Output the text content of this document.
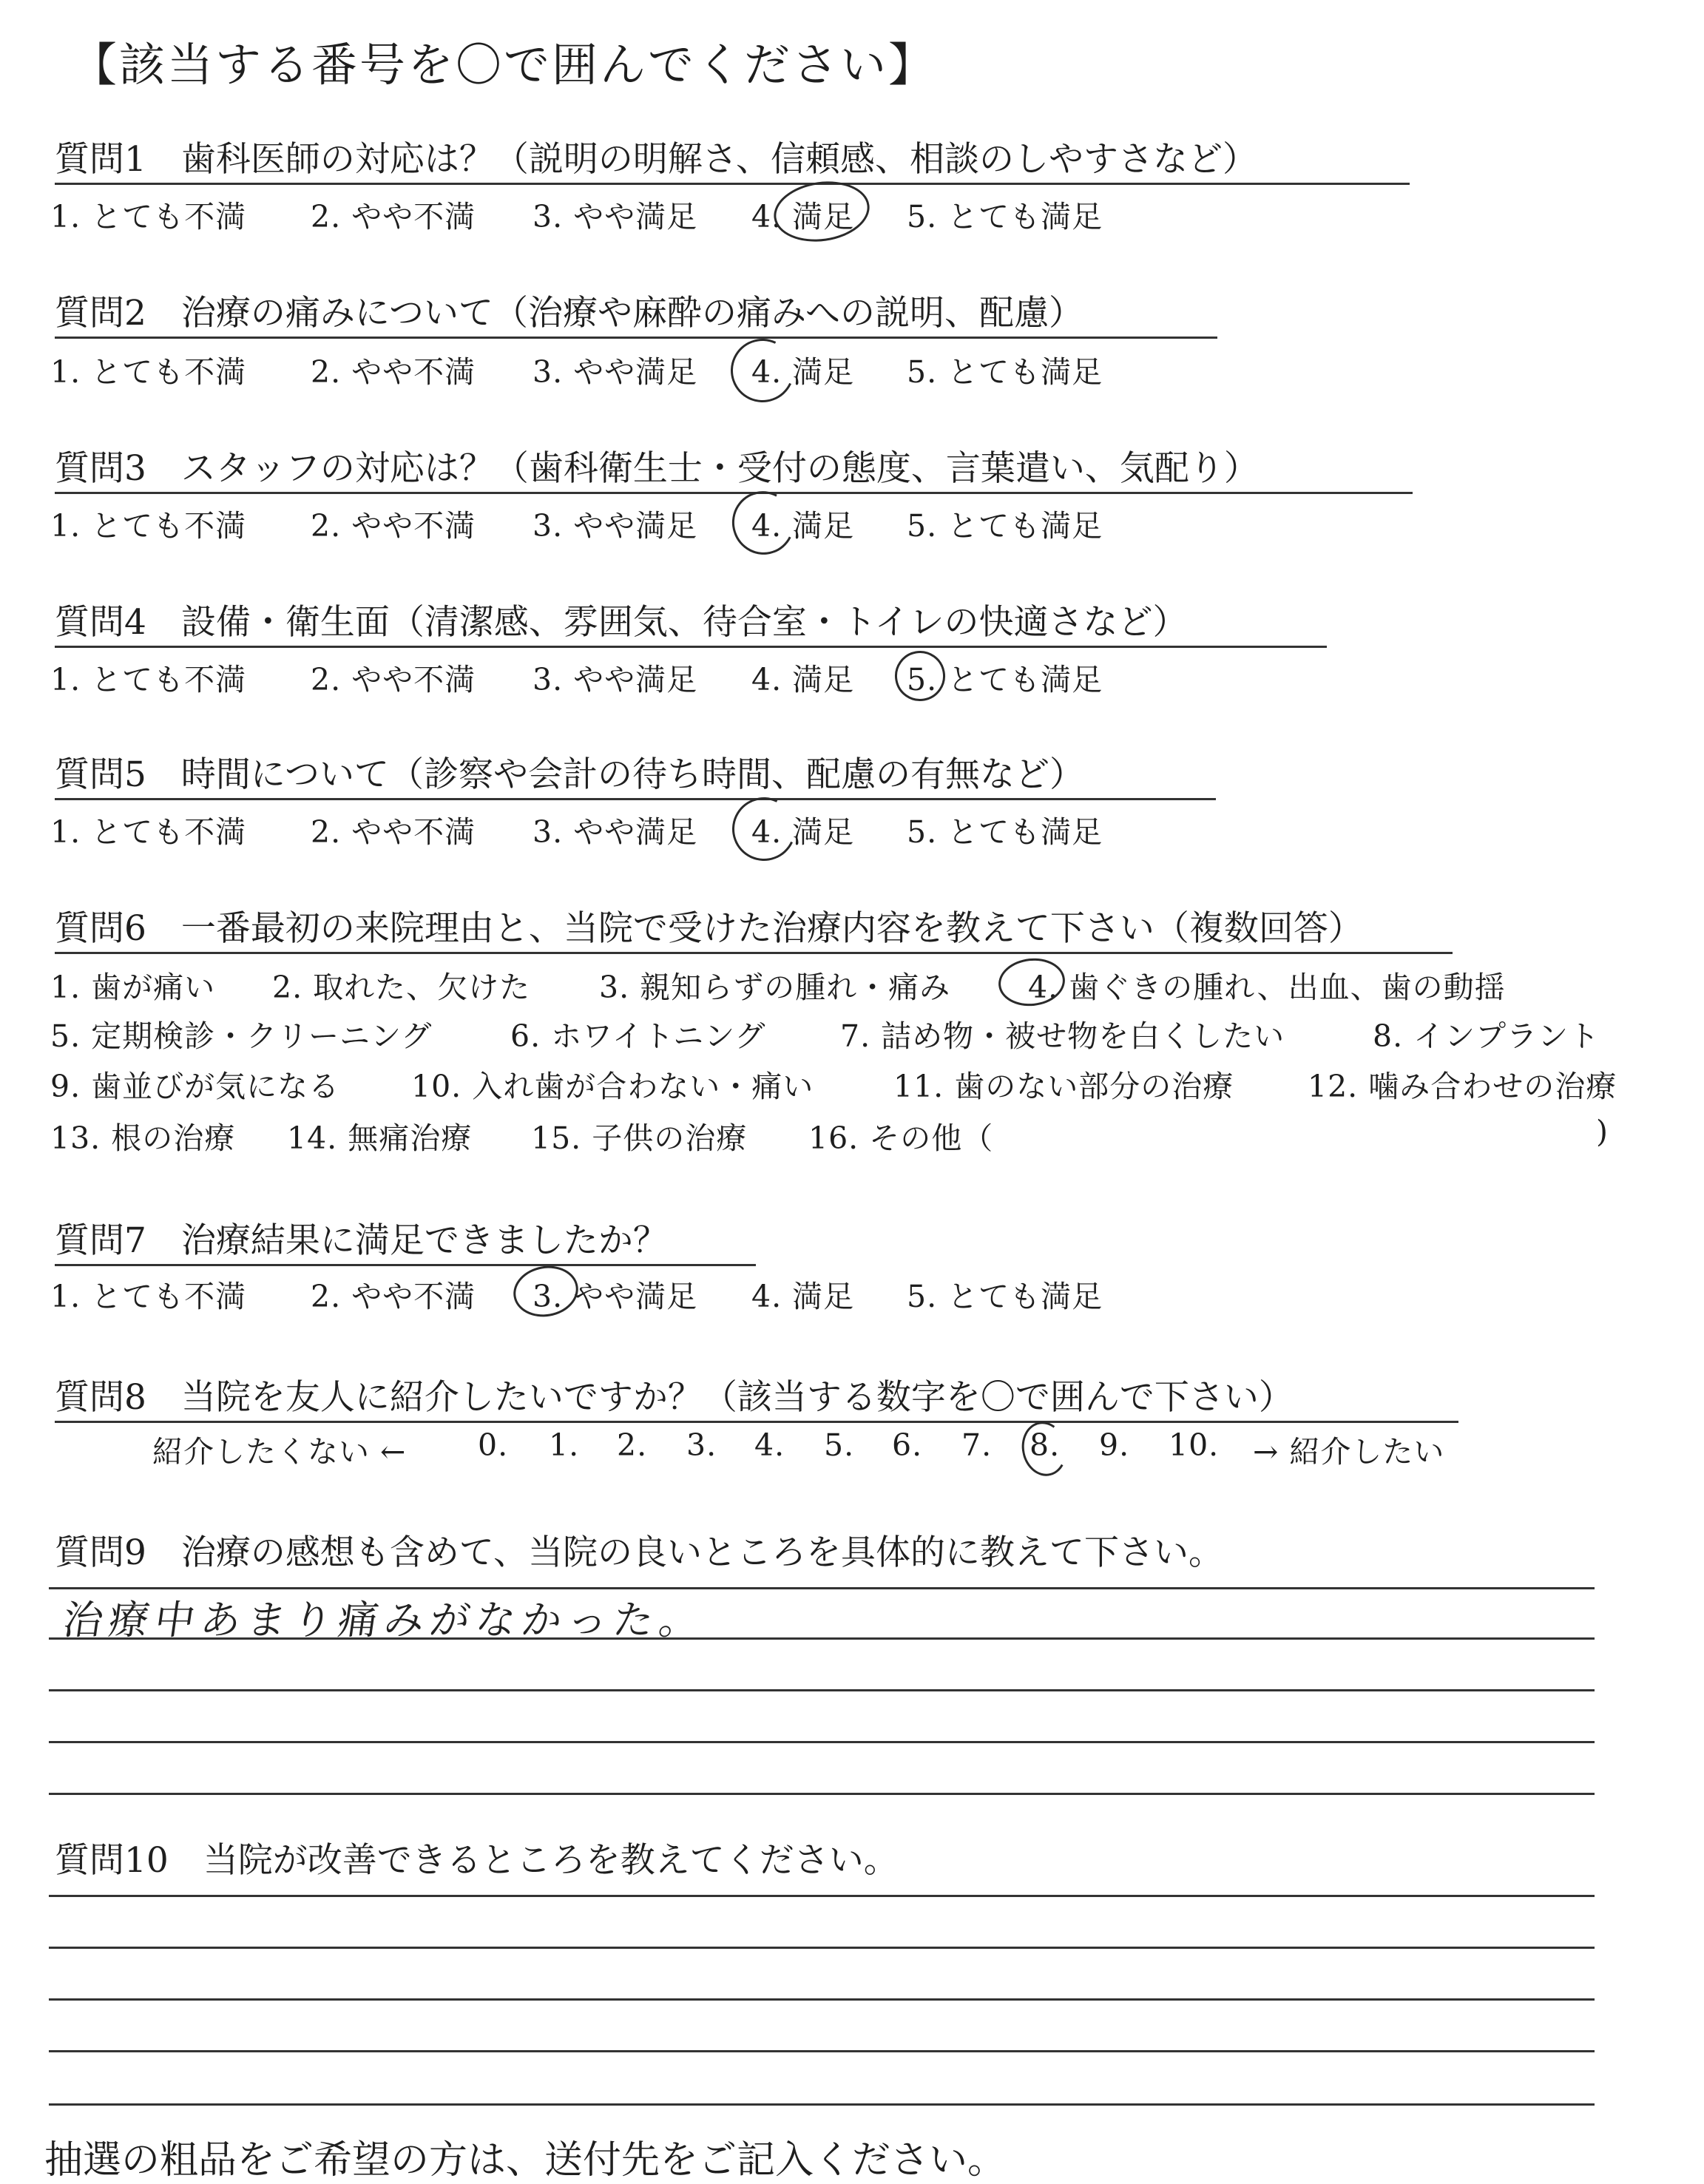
【該当する番号を〇で囲んでください】
質問1　 歯科医師の対応は？（説明の明解さ、信頼感、相談のしやすさなど）
1. とても不満 2. やや不満 3. やや満足 4. 満足 5. とても満足
質問2　 治療の痛みについて（治療や麻酔の痛みへの説明、配慮）
1. とても不満 2. やや不満 3. やや満足 4. 満足 5. とても満足
質問3　 スタッフの対応は？（歯科衛生士・受付の態度、言葉遣い、気配り）
1. とても不満 2. やや不満 3. やや満足 4. 満足 5. とても満足
質問4　 設備・衛生面（清潔感、雰囲気、待合室・トイレの快適さなど）
1. とても不満 2. やや不満 3. やや満足 4. 満足 5. とても満足
質問5　 時間について（診察や会計の待ち時間、配慮の有無など）
1. とても不満 2. やや不満 3. やや満足 4. 満足 5. とても満足
質問6　 一番最初の来院理由と、当院で受けた治療内容を教えて下さい（複数回答）
1. 歯が痛い 2. 取れた、欠けた 3. 親知らずの腫れ・痛み	4. 歯ぐきの腫れ、出血、歯の動揺
5. 定期検診・クリーニング	6. ホワイトニング 7. 詰め物・被せ物を白くしたい	8. インプラント
9. 歯並びが気になる 10. 入れ歯が合わない・痛い	11. 歯のない部分の治療 12. 噛み合わせの治療
13. 根の治療 14. 無痛治療 15. 子供の治療 16. その他（	)
質問7　 治療結果に満足できましたか？
1. とても不満 2. やや不満 3. やや満足 4. 満足 5. とても満足
質問8　 当院を友人に紹介したいですか？（該当する数字を〇で囲んで下さい）
紹介したくない ← 0. 1. 2. 3. 4. 5. 6. 7. 8. 9. 10. → 紹介したい
質問9　 治療の感想も含めて、当院の良いところを具体的に教えて下さい。
治療中あまり痛みがなかった。
質問10　 当院が改善できるところを教えてください。
抽選の粗品をご希望の方は、送付先をご記入ください。
